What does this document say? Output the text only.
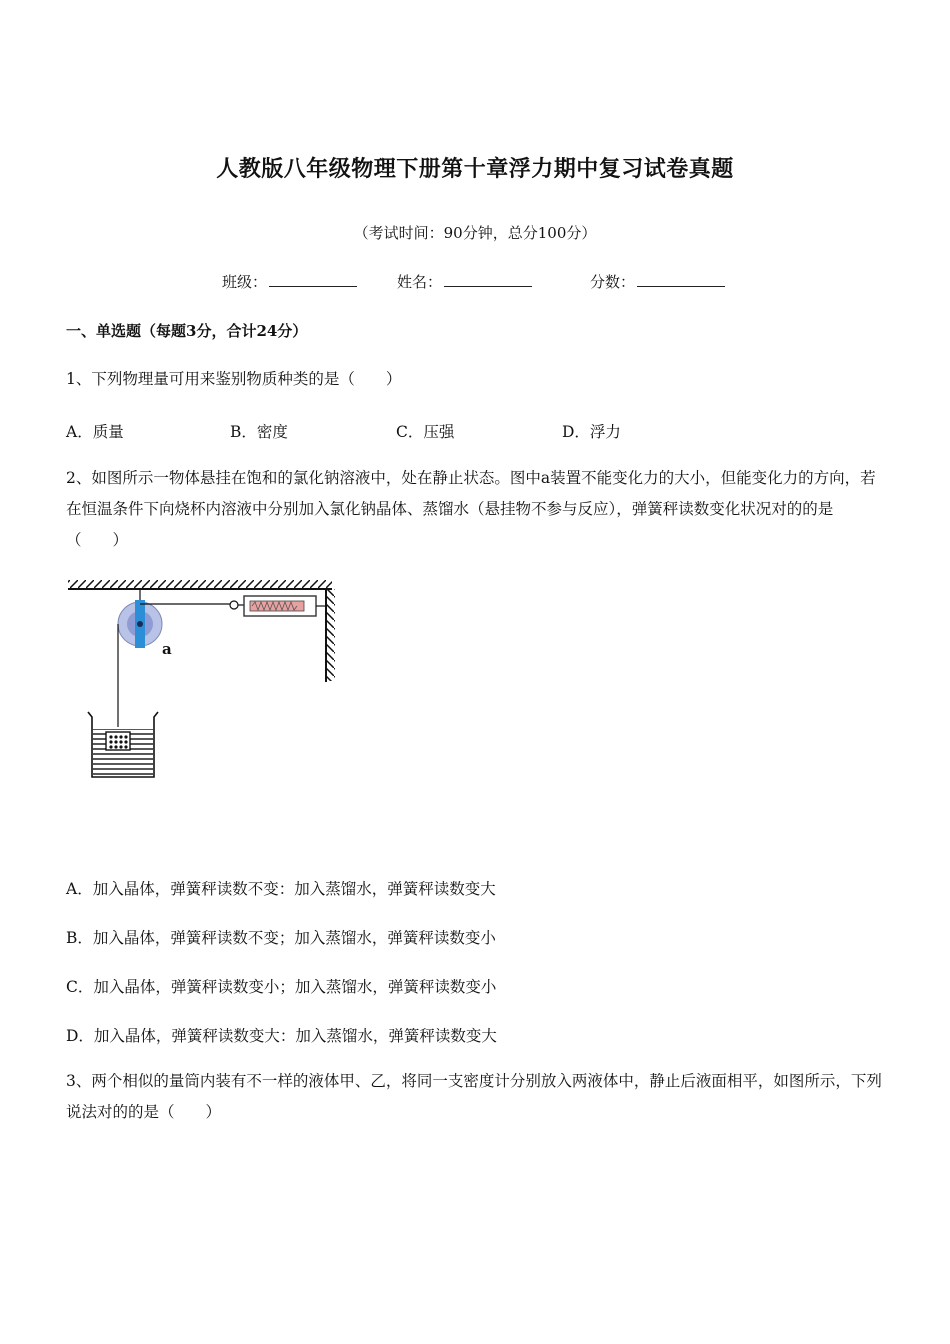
人教版八年级物理下册第十章浮力期中复习试卷真题
（考试时间：90分钟，总分100分）
班级：	姓名：	分数：
一、单选题（每题3分，合计24分）
1、下列物理量可用来鉴别物质种类的是（　　）
A．质量	B．密度	C．压强	D．浮力
2、如图所示一物体悬挂在饱和的氯化钠溶液中，处在静止状态。图中a装置不能变化力的大小，但能变化力的方向，若在恒温条件下向烧杯内溶液中分别加入氯化钠晶体、蒸馏水（悬挂物不参与反应），弹簧秤读数变化状况对的的是（　　）
a
A．加入晶体，弹簧秤读数不变：加入蒸馏水，弹簧秤读数变大
B．加入晶体，弹簧秤读数不变；加入蒸馏水，弹簧秤读数变小
C．加入晶体，弹簧秤读数变小；加入蒸馏水，弹簧秤读数变小
D．加入晶体，弹簧秤读数变大：加入蒸馏水，弹簧秤读数变大
3、两个相似的量筒内装有不一样的液体甲、乙，将同一支密度计分别放入两液体中，静止后液面相平，如图所示，下列说法对的的是（　　）
